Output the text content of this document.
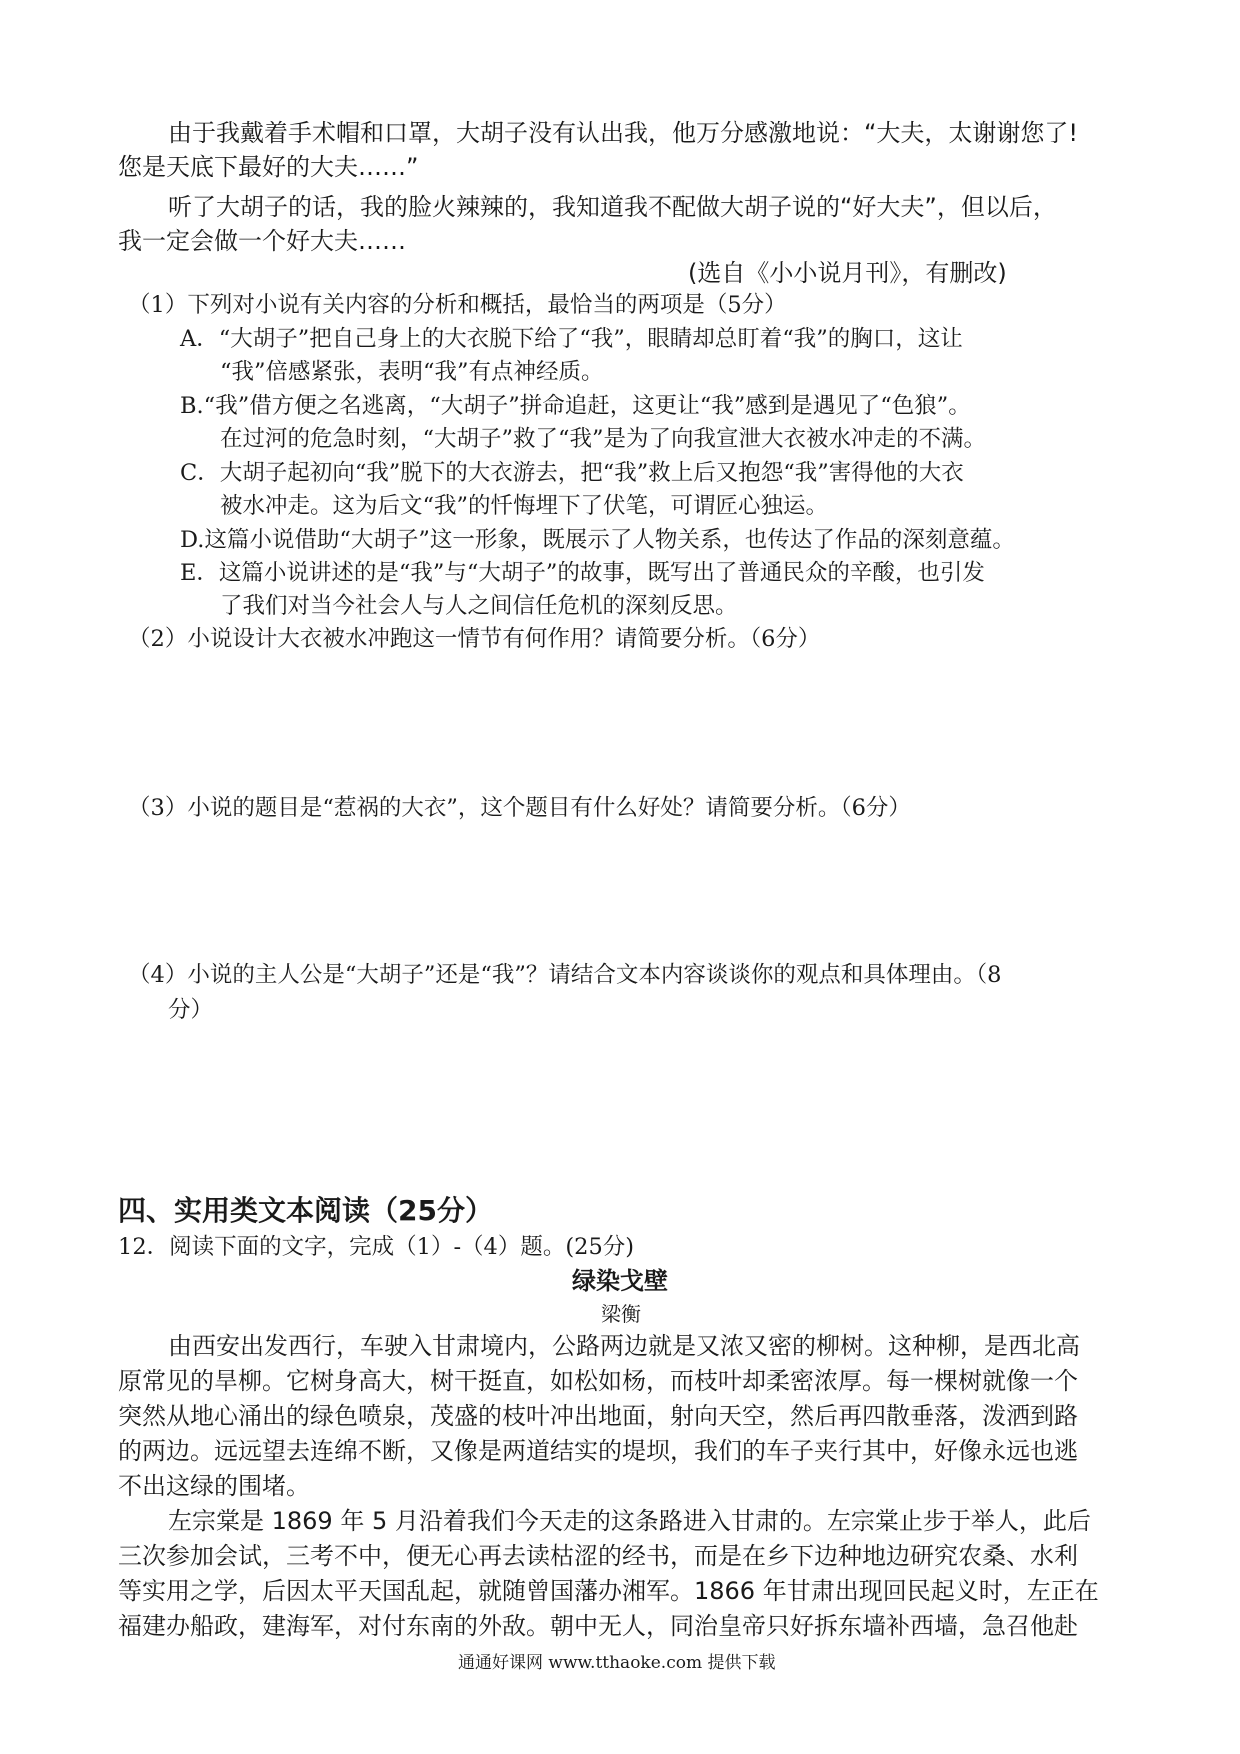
由于我戴着手术帽和口罩，大胡子没有认出我，他万分感激地说：“大夫，太谢谢您了!
您是天底下最好的大夫……”
听了大胡子的话，我的脸火辣辣的，我知道我不配做大胡子说的“好大夫”，但以后，
我一定会做一个好大夫……
(选自《小小说月刊》，有删改)
（1）下列对小说有关内容的分析和概括，最恰当的两项是（5分）
A．“大胡子”把自己身上的大衣脱下给了“我”，眼睛却总盯着“我”的胸口，这让
“我”倍感紧张，表明“我”有点神经质。
B.“我”借方便之名逃离，“大胡子”拼命追赶，这更让“我”感到是遇见了“色狼”。
在过河的危急时刻，“大胡子”救了“我”是为了向我宣泄大衣被水冲走的不满。
C．大胡子起初向“我”脱下的大衣游去，把“我”救上后又抱怨“我”害得他的大衣
被水冲走。这为后文“我”的忏悔埋下了伏笔，可谓匠心独运。
D.这篇小说借助“大胡子”这一形象，既展示了人物关系，也传达了作品的深刻意蕴。
E．这篇小说讲述的是“我”与“大胡子”的故事，既写出了普通民众的辛酸，也引发
了我们对当今社会人与人之间信任危机的深刻反思。
（2）小说设计大衣被水冲跑这一情节有何作用？请简要分析。（6分）
（3）小说的题目是“惹祸的大衣”，这个题目有什么好处？请简要分析。（6分）
（4）小说的主人公是“大胡子”还是“我”？请结合文本内容谈谈你的观点和具体理由。（8
分）
四、实用类文本阅读（25分）
12．阅读下面的文字，完成（1）-（4）题。(25分)
绿染戈壁
梁衡
由西安出发西行，车驶入甘肃境内，公路两边就是又浓又密的柳树。这种柳，是西北高
原常见的旱柳。它树身高大，树干挺直，如松如杨，而枝叶却柔密浓厚。每一棵树就像一个
突然从地心涌出的绿色喷泉，茂盛的枝叶冲出地面，射向天空，然后再四散垂落，泼洒到路
的两边。远远望去连绵不断，又像是两道结实的堤坝，我们的车子夹行其中，好像永远也逃
不出这绿的围堵。
左宗棠是 1869 年 5 月沿着我们今天走的这条路进入甘肃的。左宗棠止步于举人，此后
三次参加会试，三考不中，便无心再去读枯涩的经书，而是在乡下边种地边研究农桑、水利
等实用之学，后因太平天国乱起，就随曾国藩办湘军。1866 年甘肃出现回民起义时，左正在
福建办船政，建海军，对付东南的外敌。朝中无人，同治皇帝只好拆东墙补西墙，急召他赴
通通好课网 www.tthaoke.com 提供下载
